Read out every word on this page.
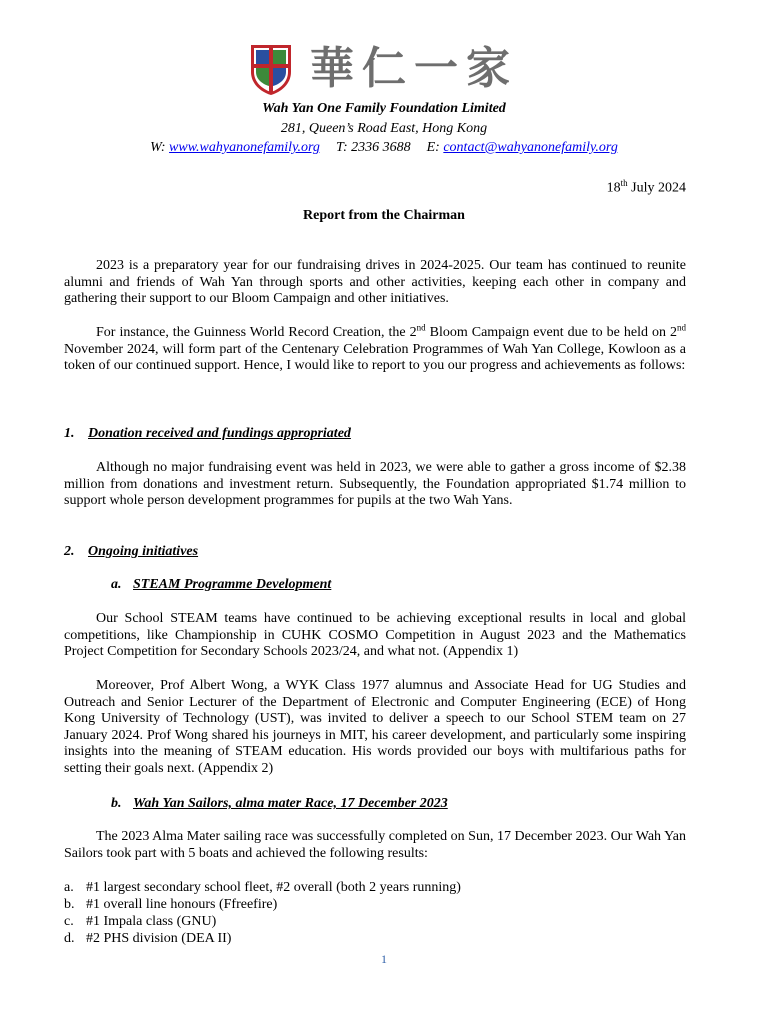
華仁一家
Wah Yan One Family Foundation Limited
281, Queen’s Road East, Hong Kong
W: www.wahyanonefamily.org T: 2336 3688 E: contact@wahyanonefamily.org
18th July 2024
Report from the Chairman

2023 is a preparatory year for our fundraising drives in 2024-2025. Our team has continued to reunite alumni and friends of Wah Yan through sports and other activities, keeping each other in company and gathering their support to our Bloom Campaign and other initiatives.

For instance, the Guinness World Record Creation, the 2nd Bloom Campaign event due to be held on 2nd November 2024, will form part of the Centenary Celebration Programmes of Wah Yan College, Kowloon as a token of our continued support. Hence, I would like to report to you our progress and achievements as follows:

1. Donation received and fundings appropriated

Although no major fundraising event was held in 2023, we were able to gather a gross income of $2.38 million from donations and investment return. Subsequently, the Foundation appropriated $1.74 million to support whole person development programmes for pupils at the two Wah Yans.

2. Ongoing initiatives
a. STEAM Programme Development

Our School STEAM teams have continued to be achieving exceptional results in local and global competitions, like Championship in CUHK COSMO Competition in August 2023 and the Mathematics Project Competition for Secondary Schools 2023/24, and what not. (Appendix 1)

Moreover, Prof Albert Wong, a WYK Class 1977 alumnus and Associate Head for UG Studies and Outreach and Senior Lecturer of the Department of Electronic and Computer Engineering (ECE) of Hong Kong University of Technology (UST), was invited to deliver a speech to our School STEM team on 27 January 2024. Prof Wong shared his journeys in MIT, his career development, and particularly some inspiring insights into the meaning of STEAM education. His words provided our boys with multifarious paths for setting their goals next. (Appendix 2)

b. Wah Yan Sailors, alma mater Race, 17 December 2023

The 2023 Alma Mater sailing race was successfully completed on Sun, 17 December 2023. Our Wah Yan Sailors took part with 5 boats and achieved the following results:

a. #1 largest secondary school fleet, #2 overall (both 2 years running)
b. #1 overall line honours (Ffreefire)
c. #1 Impala class (GNU)
d. #2 PHS division (DEA II)
1
